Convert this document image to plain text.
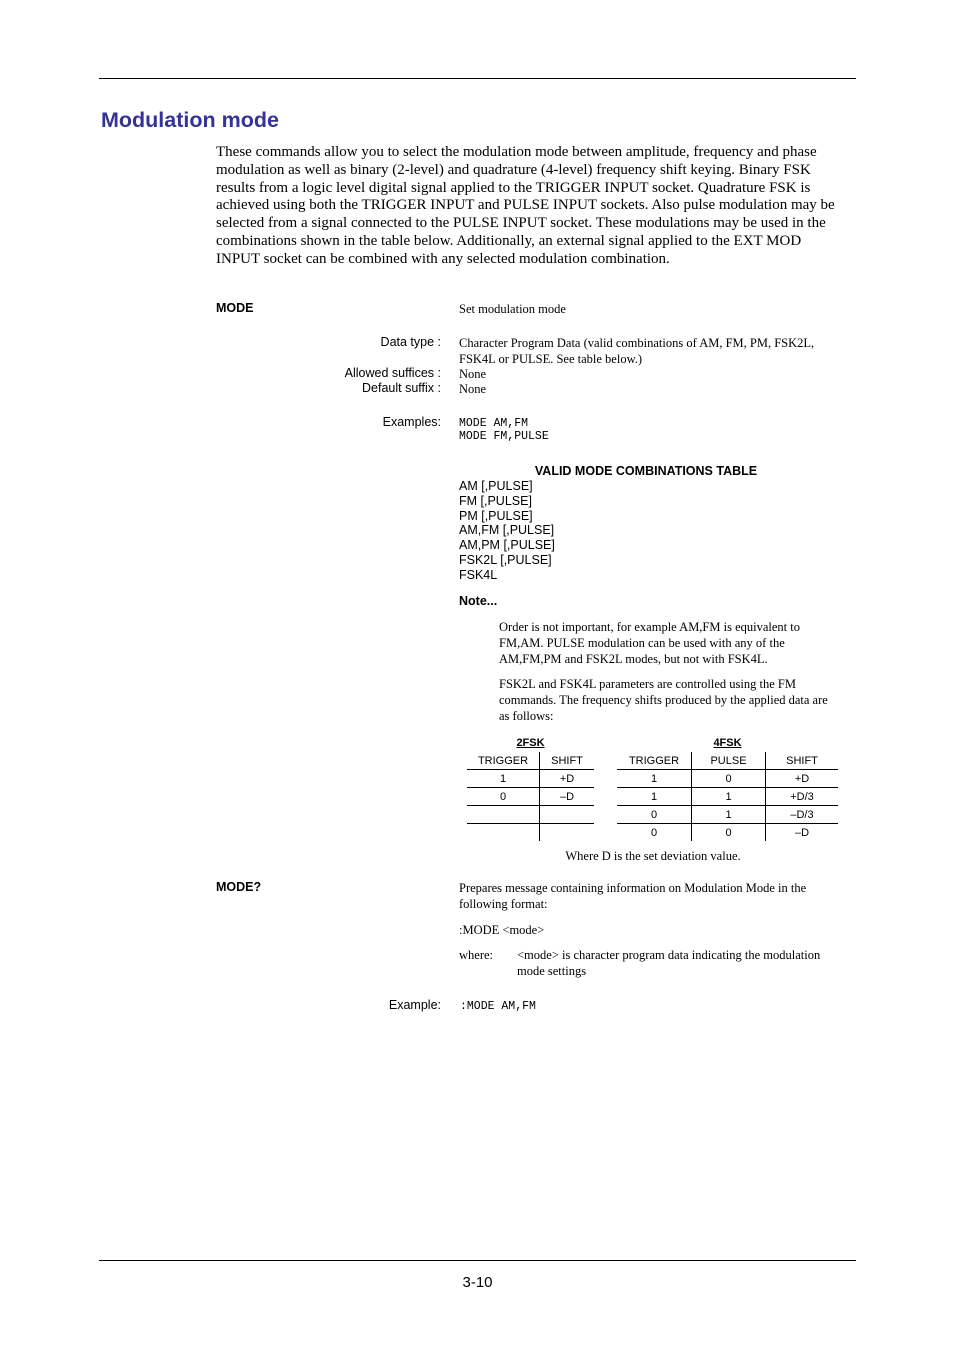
Modulation mode
These commands allow you to select the modulation mode between amplitude, frequency and phase modulation as well as binary (2-level) and quadrature (4-level) frequency shift keying. Binary FSK results from a logic level digital signal applied to the TRIGGER INPUT socket. Quadrature FSK is achieved using both the TRIGGER INPUT and PULSE INPUT sockets. Also pulse modulation may be selected from a signal connected to the PULSE INPUT socket. These modulations may be used in the combinations shown in the table below. Additionally, an external signal applied to the EXT MOD INPUT socket can be combined with any selected modulation combination.
MODE	Set modulation mode
Data type : Character Program Data (valid combinations of AM, FM, PM, FSK2L, FSK4L or PULSE. See table below.)
Allowed suffices : None
Default suffix : None
Examples: MODE AM,FM
MODE FM,PULSE
VALID MODE COMBINATIONS TABLE
AM [,PULSE]
FM [,PULSE]
PM [,PULSE]
AM,FM [,PULSE]
AM,PM [,PULSE]
FSK2L [,PULSE]
FSK4L
Note...
Order is not important, for example AM,FM is equivalent to FM,AM. PULSE modulation can be used with any of the AM,FM,PM and FSK2L modes, but not with FSK4L.
FSK2L and FSK4L parameters are controlled using the FM commands. The frequency shifts produced by the applied data are as follows:
2FSK
TRIGGER	SHIFT
1	+D
0	–D

4FSK
TRIGGER	PULSE	SHIFT
1	0	+D
1	1	+D/3
0	1	–D/3
0	0	–D
Where D is the set deviation value.
MODE?	Prepares message containing information on Modulation Mode in the following format:
:MODE <mode>
where:	<mode> is character program data indicating the modulation mode settings
Example: :MODE AM,FM
3-10
